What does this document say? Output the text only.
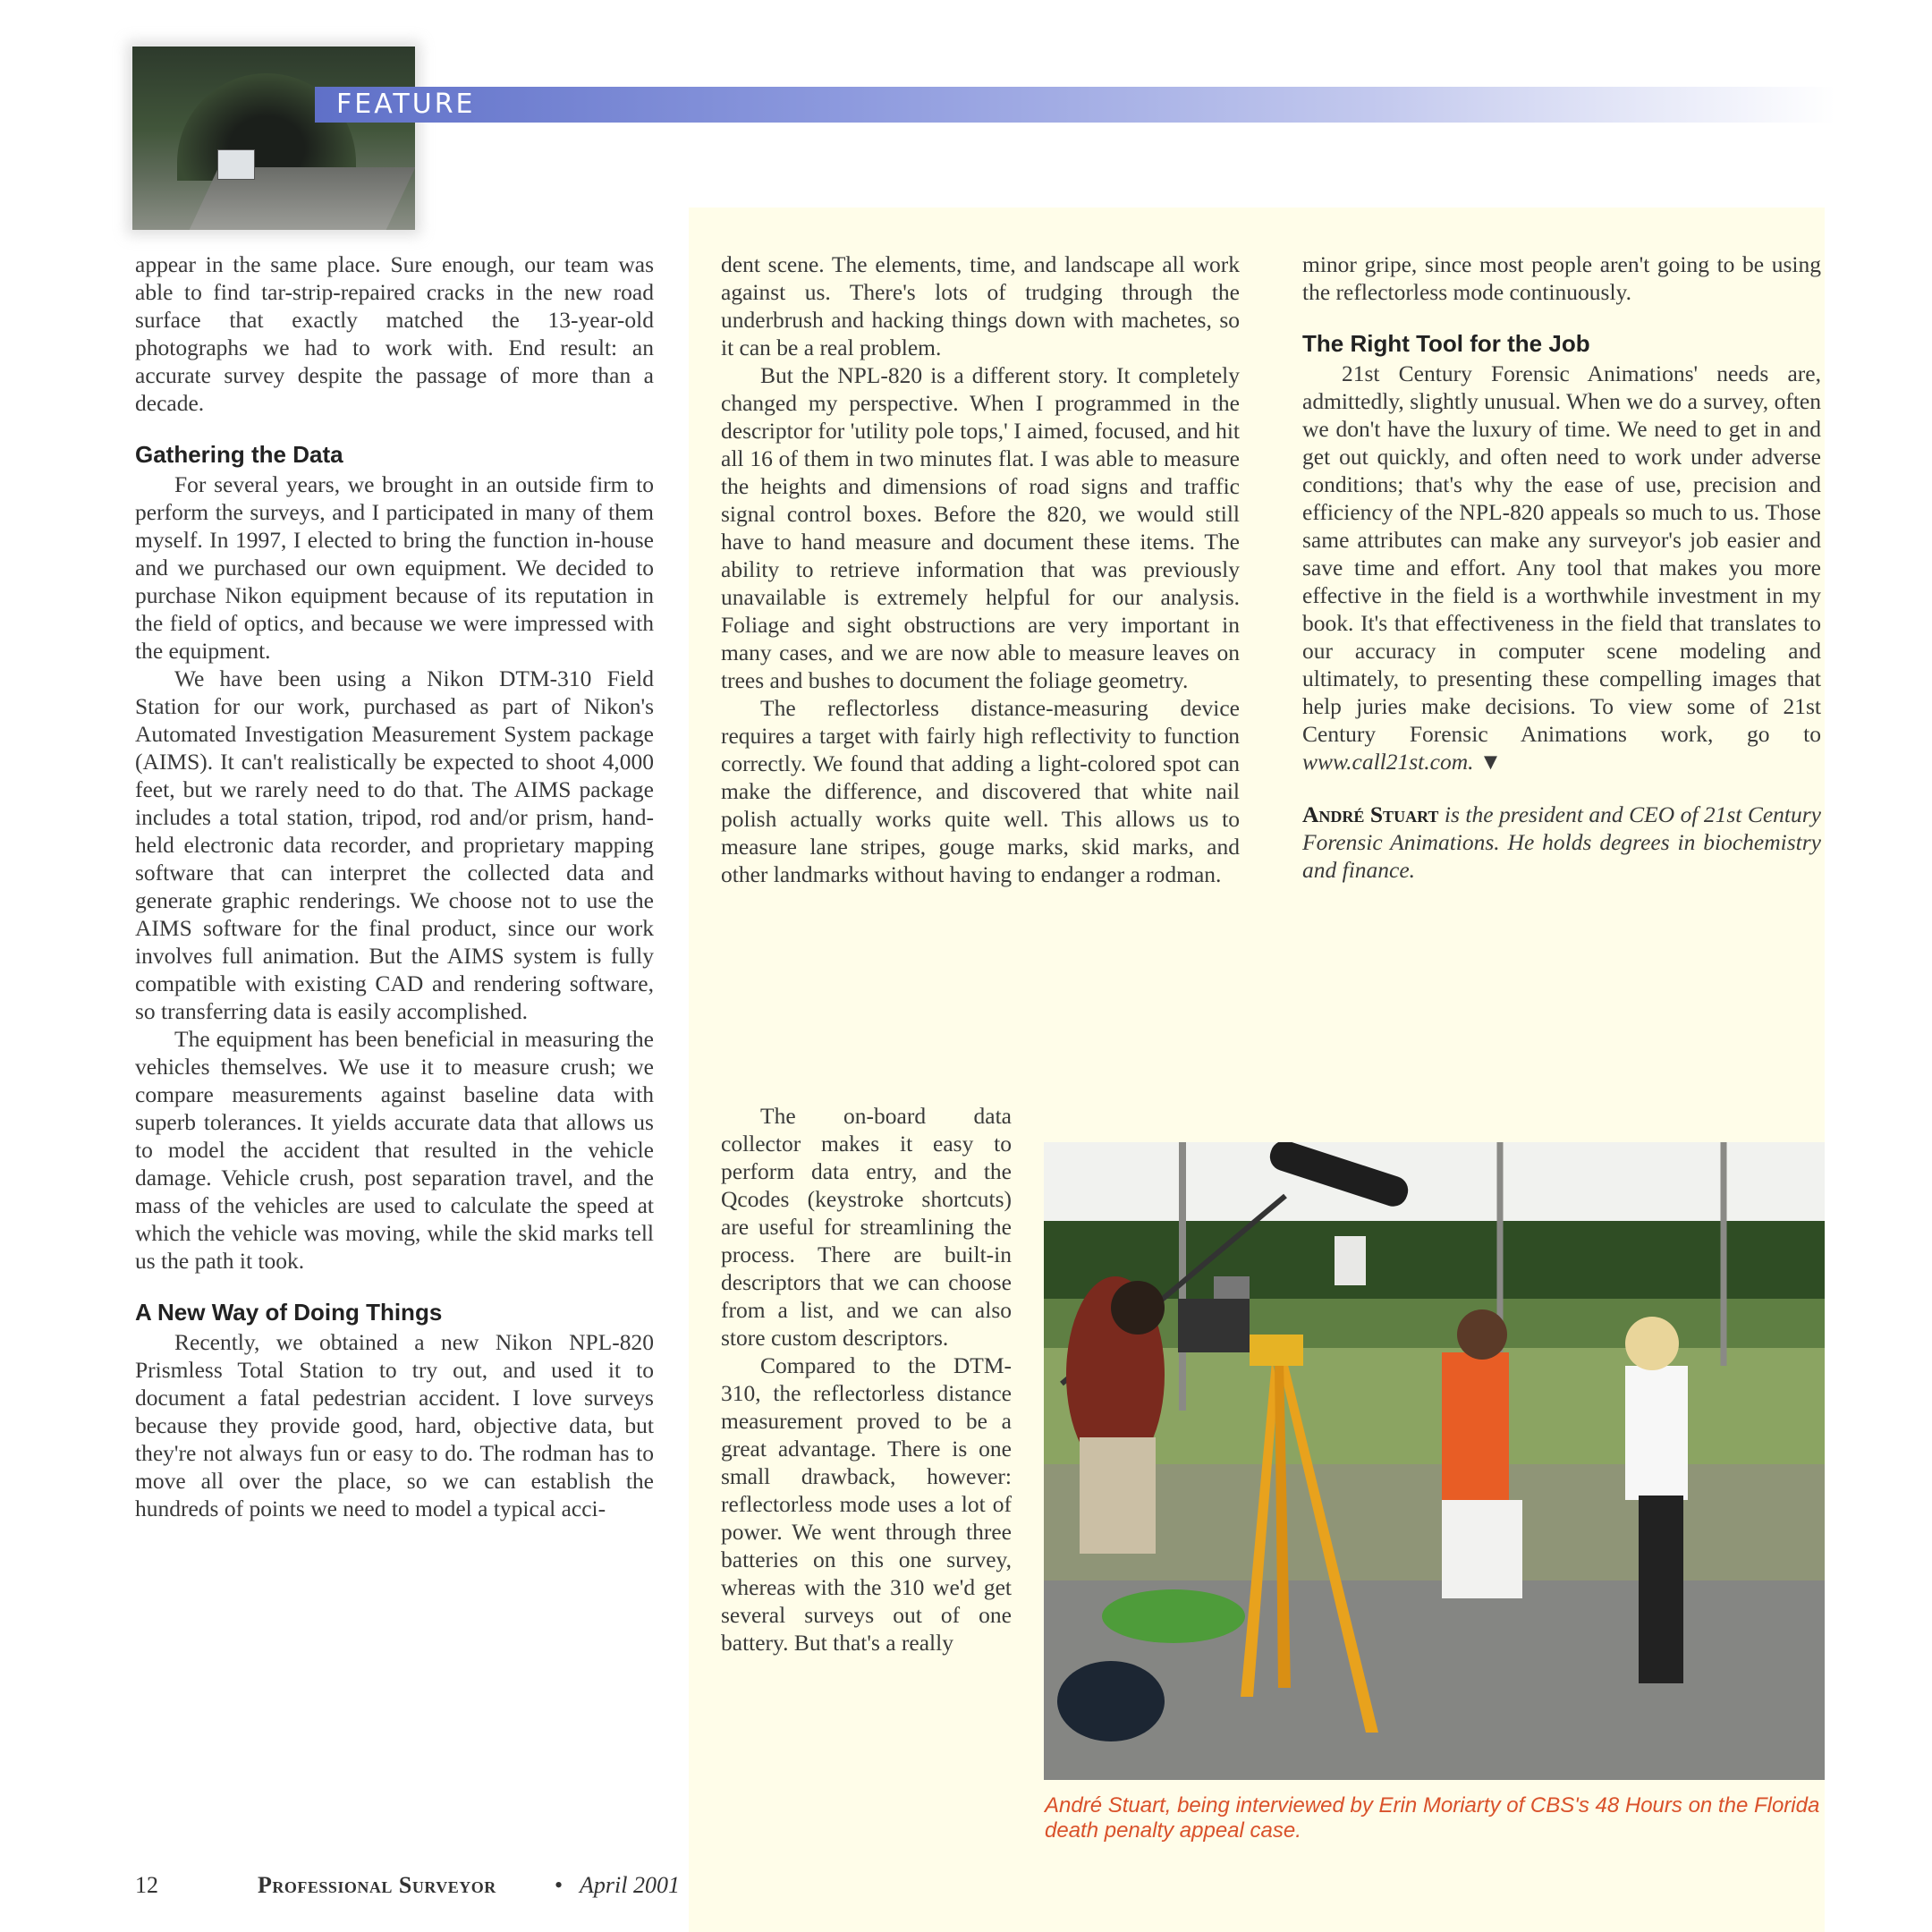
FEATURE

appear in the same place. Sure enough, our team was able to find tar-strip-repaired cracks in the new road surface that exactly matched the 13-year-old photographs we had to work with. End result: an accurate survey despite the passage of more than a decade.

Gathering the Data

For several years, we brought in an outside firm to perform the surveys, and I participated in many of them myself. In 1997, I elected to bring the function in-house and we purchased our own equipment. We decided to purchase Nikon equipment because of its reputation in the field of optics, and because we were impressed with the equipment.

We have been using a Nikon DTM-310 Field Station for our work, purchased as part of Nikon's Automated Investigation Measurement System package (AIMS). It can't realistically be expected to shoot 4,000 feet, but we rarely need to do that. The AIMS package includes a total station, tripod, rod and/or prism, hand-held electronic data recorder, and proprietary mapping software that can interpret the collected data and generate graphic renderings. We choose not to use the AIMS software for the final product, since our work involves full animation. But the AIMS system is fully compatible with existing CAD and rendering software, so transferring data is easily accomplished.

The equipment has been beneficial in measuring the vehicles themselves. We use it to measure crush; we compare measurements against baseline data with superb tolerances. It yields accurate data that allows us to model the accident that resulted in the vehicle damage. Vehicle crush, post separation travel, and the mass of the vehicles are used to calculate the speed at which the vehicle was moving, while the skid marks tell us the path it took.

A New Way of Doing Things

Recently, we obtained a new Nikon NPL-820 Prismless Total Station to try out, and used it to document a fatal pedestrian accident. I love surveys because they provide good, hard, objective data, but they're not always fun or easy to do. The rodman has to move all over the place, so we can establish the hundreds of points we need to model a typical acci-

dent scene. The elements, time, and landscape all work against us. There's lots of trudging through the underbrush and hacking things down with machetes, so it can be a real problem.

But the NPL-820 is a different story. It completely changed my perspective. When I programmed in the descriptor for 'utility pole tops,' I aimed, focused, and hit all 16 of them in two minutes flat. I was able to measure the heights and dimensions of road signs and traffic signal control boxes. Before the 820, we would still have to hand measure and document these items. The ability to retrieve information that was previously unavailable is extremely helpful for our analysis. Foliage and sight obstructions are very important in many cases, and we are now able to measure leaves on trees and bushes to document the foliage geometry.

The reflectorless distance-measuring device requires a target with fairly high reflectivity to function correctly. We found that adding a light-colored spot can make the difference, and discovered that white nail polish actually works quite well. This allows us to measure lane stripes, gouge marks, skid marks, and other landmarks without having to endanger a rodman.

The on-board data collector makes it easy to perform data entry, and the Qcodes (keystroke shortcuts) are useful for streamlining the process. There are built-in descriptors that we can choose from a list, and we can also store custom descriptors.

Compared to the DTM-310, the reflectorless distance measurement proved to be a great advantage. There is one small drawback, however: reflectorless mode uses a lot of power. We went through three batteries on this one survey, whereas with the 310 we'd get several surveys out of one battery. But that's a really

minor gripe, since most people aren't going to be using the reflectorless mode continuously.

The Right Tool for the Job

21st Century Forensic Animations' needs are, admittedly, slightly unusual. When we do a survey, often we don't have the luxury of time. We need to get in and get out quickly, and often need to work under adverse conditions; that's why the ease of use, precision and efficiency of the NPL-820 appeals so much to us. Those same attributes can make any surveyor's job easier and save time and effort. Any tool that makes you more effective in the field is a worthwhile investment in my book. It's that effectiveness in the field that translates to our accuracy in computer scene modeling and ultimately, to presenting these compelling images that help juries make decisions. To view some of 21st Century Forensic Animations work, go to www.call21st.com. ▼

André Stuart is the president and CEO of 21st Century Forensic Animations. He holds degrees in biochemistry and finance.

André Stuart, being interviewed by Erin Moriarty of CBS's 48 Hours on the Florida death penalty appeal case.
12	Professional Surveyor	• April 2001
